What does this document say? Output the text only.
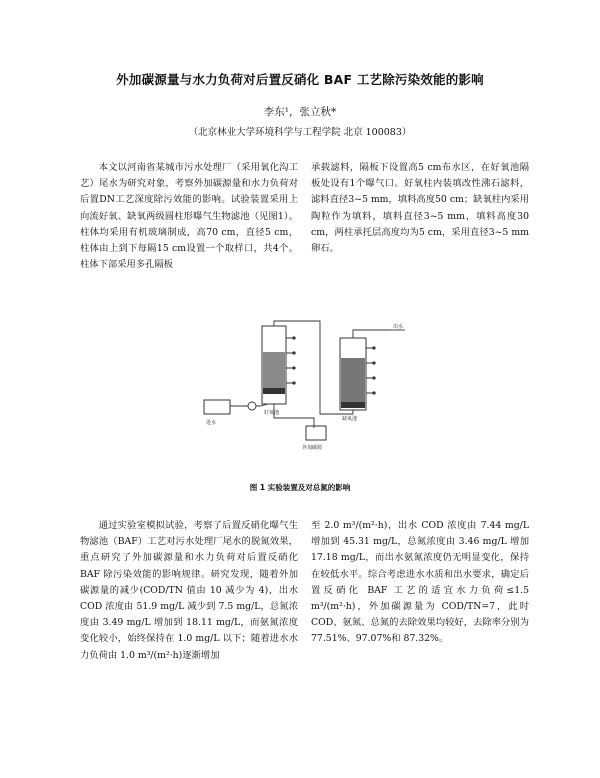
外加碳源量与水力负荷对后置反硝化 BAF 工艺除污染效能的影响
李东¹，张立秋*
（北京林业大学环境科学与工程学院 北京 100083）

本文以河南省某城市污水处理厂（采用氧化沟工艺）尾水为研究对象，考察外加碳源量和水力负荷对后置DN工艺深度除污效能的影响。试验装置采用上向流好氧、缺氧两级圆柱形曝气生物滤池（见图1）。柱体均采用有机玻璃制成，高70 cm，直径5 cm，柱体由上到下每隔15 cm设置一个取样口，共4个。柱体下部采用多孔隔板

承载滤料，隔板下设置高5 cm布水区，在好氧池隔板处设有1个曝气口。好氧柱内装填改性沸石滤料，滤料直径3~5 mm，填料高度50 cm；缺氧柱内采用陶粒作为填料，填料直径3~5 mm，填料高度30 cm，两柱承托层高度均为5 cm，采用直径3~5 mm卵石。

进水
好氧池
缺氧池
出水
外加碳源
图 1 实验装置及对总氮的影响

通过实验室模拟试验，考察了后置反硝化曝气生物滤池（BAF）工艺对污水处理厂尾水的脱氮效果，重点研究了外加碳源量和水力负荷对后置反硝化 BAF 除污染效能的影响规律。研究发现，随着外加碳源量的减少(COD/TN 值由 10 减少为 4)，出水 COD 浓度由 51.9 mg/L 减少到 7.5 mg/L，总氮浓度由 3.49 mg/L 增加到 18.11 mg/L，而氨氮浓度变化较小，始终保持在 1.0 mg/L 以下；随着进水水力负荷由 1.0 m³/(m²·h)逐渐增加

至 2.0 m³/(m²·h)，出水 COD 浓度由 7.44 mg/L 增加到 45.31 mg/L，总氮浓度由 3.46 mg/L 增加 17.18 mg/L，而出水氨氮浓度仍无明显变化，保持在较低水平。综合考虑进水水质和出水要求，确定后置反硝化 BAF 工艺的适宜水力负荷≤1.5 m³/(m²·h)，外加碳源量为 COD/TN=7，此时 COD、氨氮、总氮的去除效果均较好，去除率分别为 77.51%、97.07%和 87.32%。
